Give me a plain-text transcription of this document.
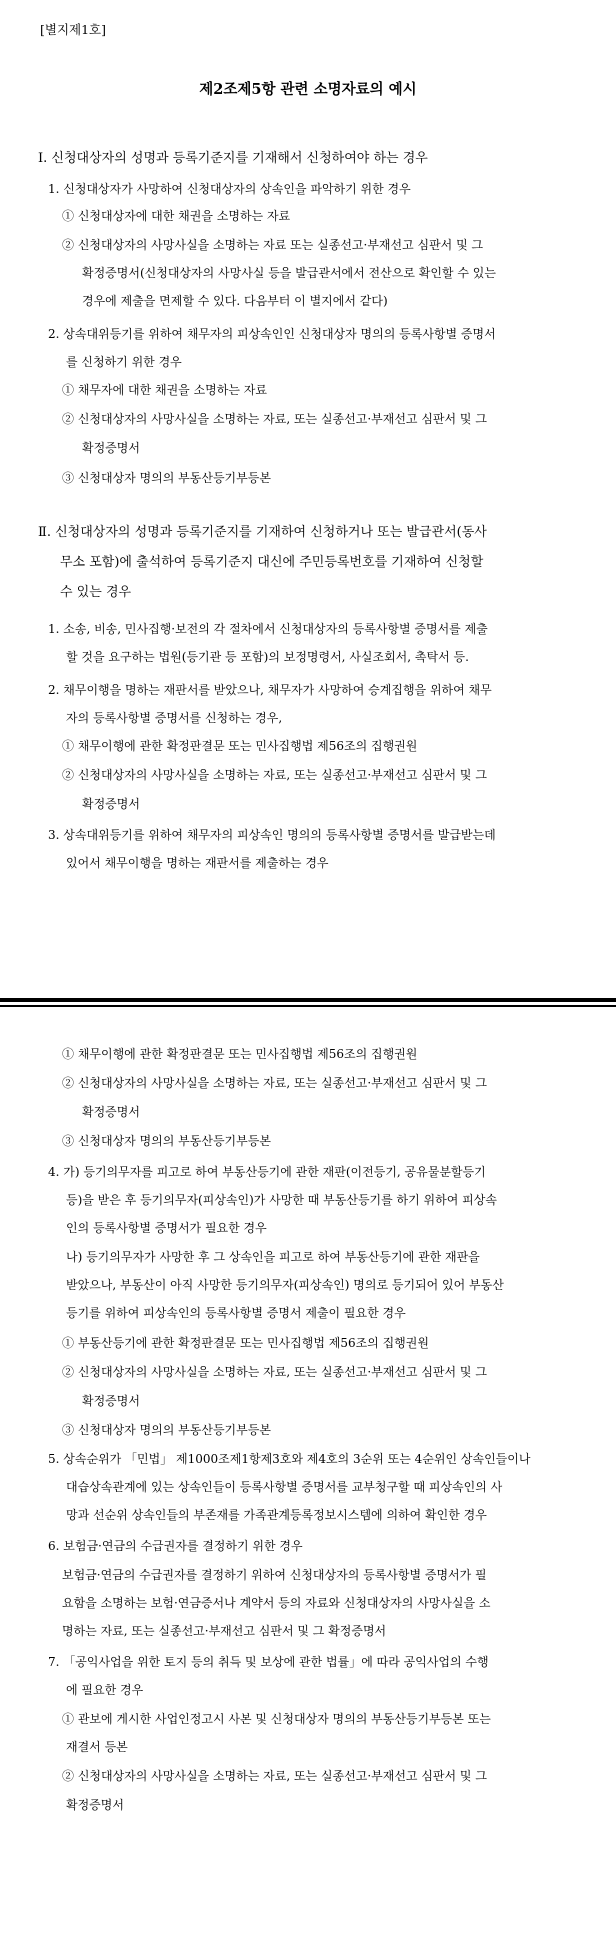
[별지제1호]
제2조제5항 관련 소명자료의 예시
Ⅰ. 신청대상자의 성명과 등록기준지를 기재해서 신청하여야 하는 경우
1. 신청대상자가 사망하여 신청대상자의 상속인을 파악하기 위한 경우
① 신청대상자에 대한 채권을 소명하는 자료
② 신청대상자의 사망사실을 소명하는 자료 또는 실종선고·부재선고 심판서 및 그
확정증명서(신청대상자의 사망사실 등을 발급관서에서 전산으로 확인할 수 있는
경우에 제출을 면제할 수 있다. 다음부터 이 별지에서 같다)
2. 상속대위등기를 위하여 채무자의 피상속인인 신청대상자 명의의 등록사항별 증명서
를 신청하기 위한 경우
① 채무자에 대한 채권을 소명하는 자료
② 신청대상자의 사망사실을 소명하는 자료, 또는 실종선고·부재선고 심판서 및 그
확정증명서
③ 신청대상자 명의의 부동산등기부등본
Ⅱ. 신청대상자의 성명과 등록기준지를 기재하여 신청하거나 또는 발급관서(동사
무소 포함)에 출석하여 등록기준지 대신에 주민등록번호를 기재하여 신청할
수 있는 경우
1. 소송, 비송, 민사집행·보전의 각 절차에서 신청대상자의 등록사항별 증명서를 제출
할 것을 요구하는 법원(등기관 등 포함)의 보정명령서, 사실조회서, 촉탁서 등.
2. 채무이행을 명하는 재판서를 받았으나, 채무자가 사망하여 승계집행을 위하여 채무
자의 등록사항별 증명서를 신청하는 경우,
① 채무이행에 관한 확정판결문 또는 민사집행법 제56조의 집행권원
② 신청대상자의 사망사실을 소명하는 자료, 또는 실종선고·부재선고 심판서 및 그
확정증명서
3. 상속대위등기를 위하여 채무자의 피상속인 명의의 등록사항별 증명서를 발급받는데
있어서 채무이행을 명하는 재판서를 제출하는 경우
① 채무이행에 관한 확정판결문 또는 민사집행법 제56조의 집행권원
② 신청대상자의 사망사실을 소명하는 자료, 또는 실종선고·부재선고 심판서 및 그
확정증명서
③ 신청대상자 명의의 부동산등기부등본
4. 가) 등기의무자를 피고로 하여 부동산등기에 관한 재판(이전등기, 공유물분할등기
등)을 받은 후 등기의무자(피상속인)가 사망한 때 부동산등기를 하기 위하여 피상속
인의 등록사항별 증명서가 필요한 경우
나) 등기의무자가 사망한 후 그 상속인을 피고로 하여 부동산등기에 관한 재판을
받았으나, 부동산이 아직 사망한 등기의무자(피상속인) 명의로 등기되어 있어 부동산
등기를 위하여 피상속인의 등록사항별 증명서 제출이 필요한 경우
① 부동산등기에 관한 확정판결문 또는 민사집행법 제56조의 집행권원
② 신청대상자의 사망사실을 소명하는 자료, 또는 실종선고·부재선고 심판서 및 그
확정증명서
③ 신청대상자 명의의 부동산등기부등본
5. 상속순위가 「민법」 제1000조제1항제3호와 제4호의 3순위 또는 4순위인 상속인들이나
대습상속관계에 있는 상속인들이 등록사항별 증명서를 교부청구할 때 피상속인의 사
망과 선순위 상속인들의 부존재를 가족관계등록정보시스템에 의하여 확인한 경우
6. 보험금·연금의 수급권자를 결정하기 위한 경우
보험금·연금의 수급권자를 결정하기 위하여 신청대상자의 등록사항별 증명서가 필
요함을 소명하는 보험·연금증서나 계약서 등의 자료와 신청대상자의 사망사실을 소
명하는 자료, 또는 실종선고·부재선고 심판서 및 그 확정증명서
7. 「공익사업을 위한 토지 등의 취득 및 보상에 관한 법률」에 따라 공익사업의 수행
에 필요한 경우
① 관보에 게시한 사업인정고시 사본 및 신청대상자 명의의 부동산등기부등본 또는
재결서 등본
② 신청대상자의 사망사실을 소명하는 자료, 또는 실종선고·부재선고 심판서 및 그
확정증명서
